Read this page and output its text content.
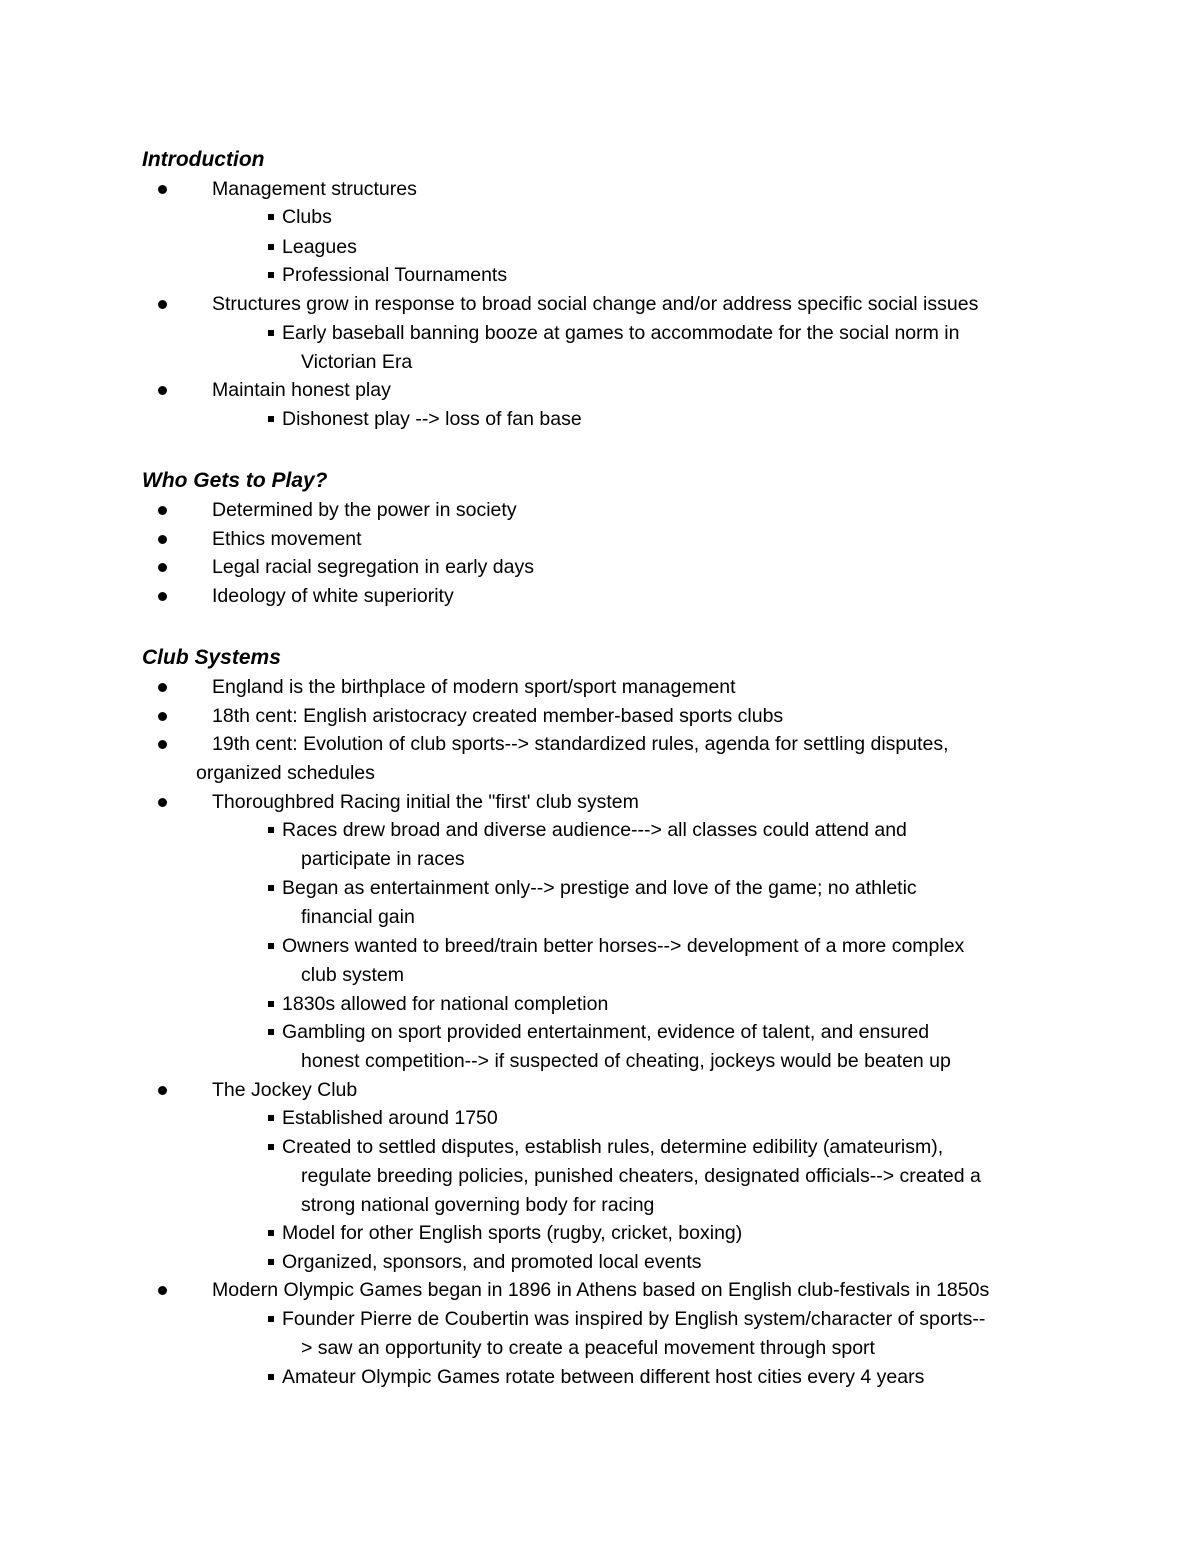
Introduction
Management structures
Clubs
Leagues
Professional Tournaments
Structures grow in response to broad social change and/or address specific social issues
Early baseball banning booze at games to accommodate for the social norm in
Victorian Era
Maintain honest play
Dishonest play --> loss of fan base
Who Gets to Play?
Determined by the power in society
Ethics movement
Legal racial segregation in early days
Ideology of white superiority
Club Systems
England is the birthplace of modern sport/sport management
18th cent: English aristocracy created member-based sports clubs
19th cent: Evolution of club sports--> standardized rules, agenda for settling disputes,
organized schedules
Thoroughbred Racing initial the "first' club system
Races drew broad and diverse audience---> all classes could attend and
participate in races
Began as entertainment only--> prestige and love of the game; no athletic
financial gain
Owners wanted to breed/train better horses--> development of a more complex
club system
1830s allowed for national completion
Gambling on sport provided entertainment, evidence of talent, and ensured
honest competition--> if suspected of cheating, jockeys would be beaten up
The Jockey Club
Established around 1750
Created to settled disputes, establish rules, determine edibility (amateurism),
regulate breeding policies, punished cheaters, designated officials--> created a
strong national governing body for racing
Model for other English sports (rugby, cricket, boxing)
Organized, sponsors, and promoted local events
Modern Olympic Games began in 1896 in Athens based on English club-festivals in 1850s
Founder Pierre de Coubertin was inspired by English system/character of sports--
> saw an opportunity to create a peaceful movement through sport
Amateur Olympic Games rotate between different host cities every 4 years
